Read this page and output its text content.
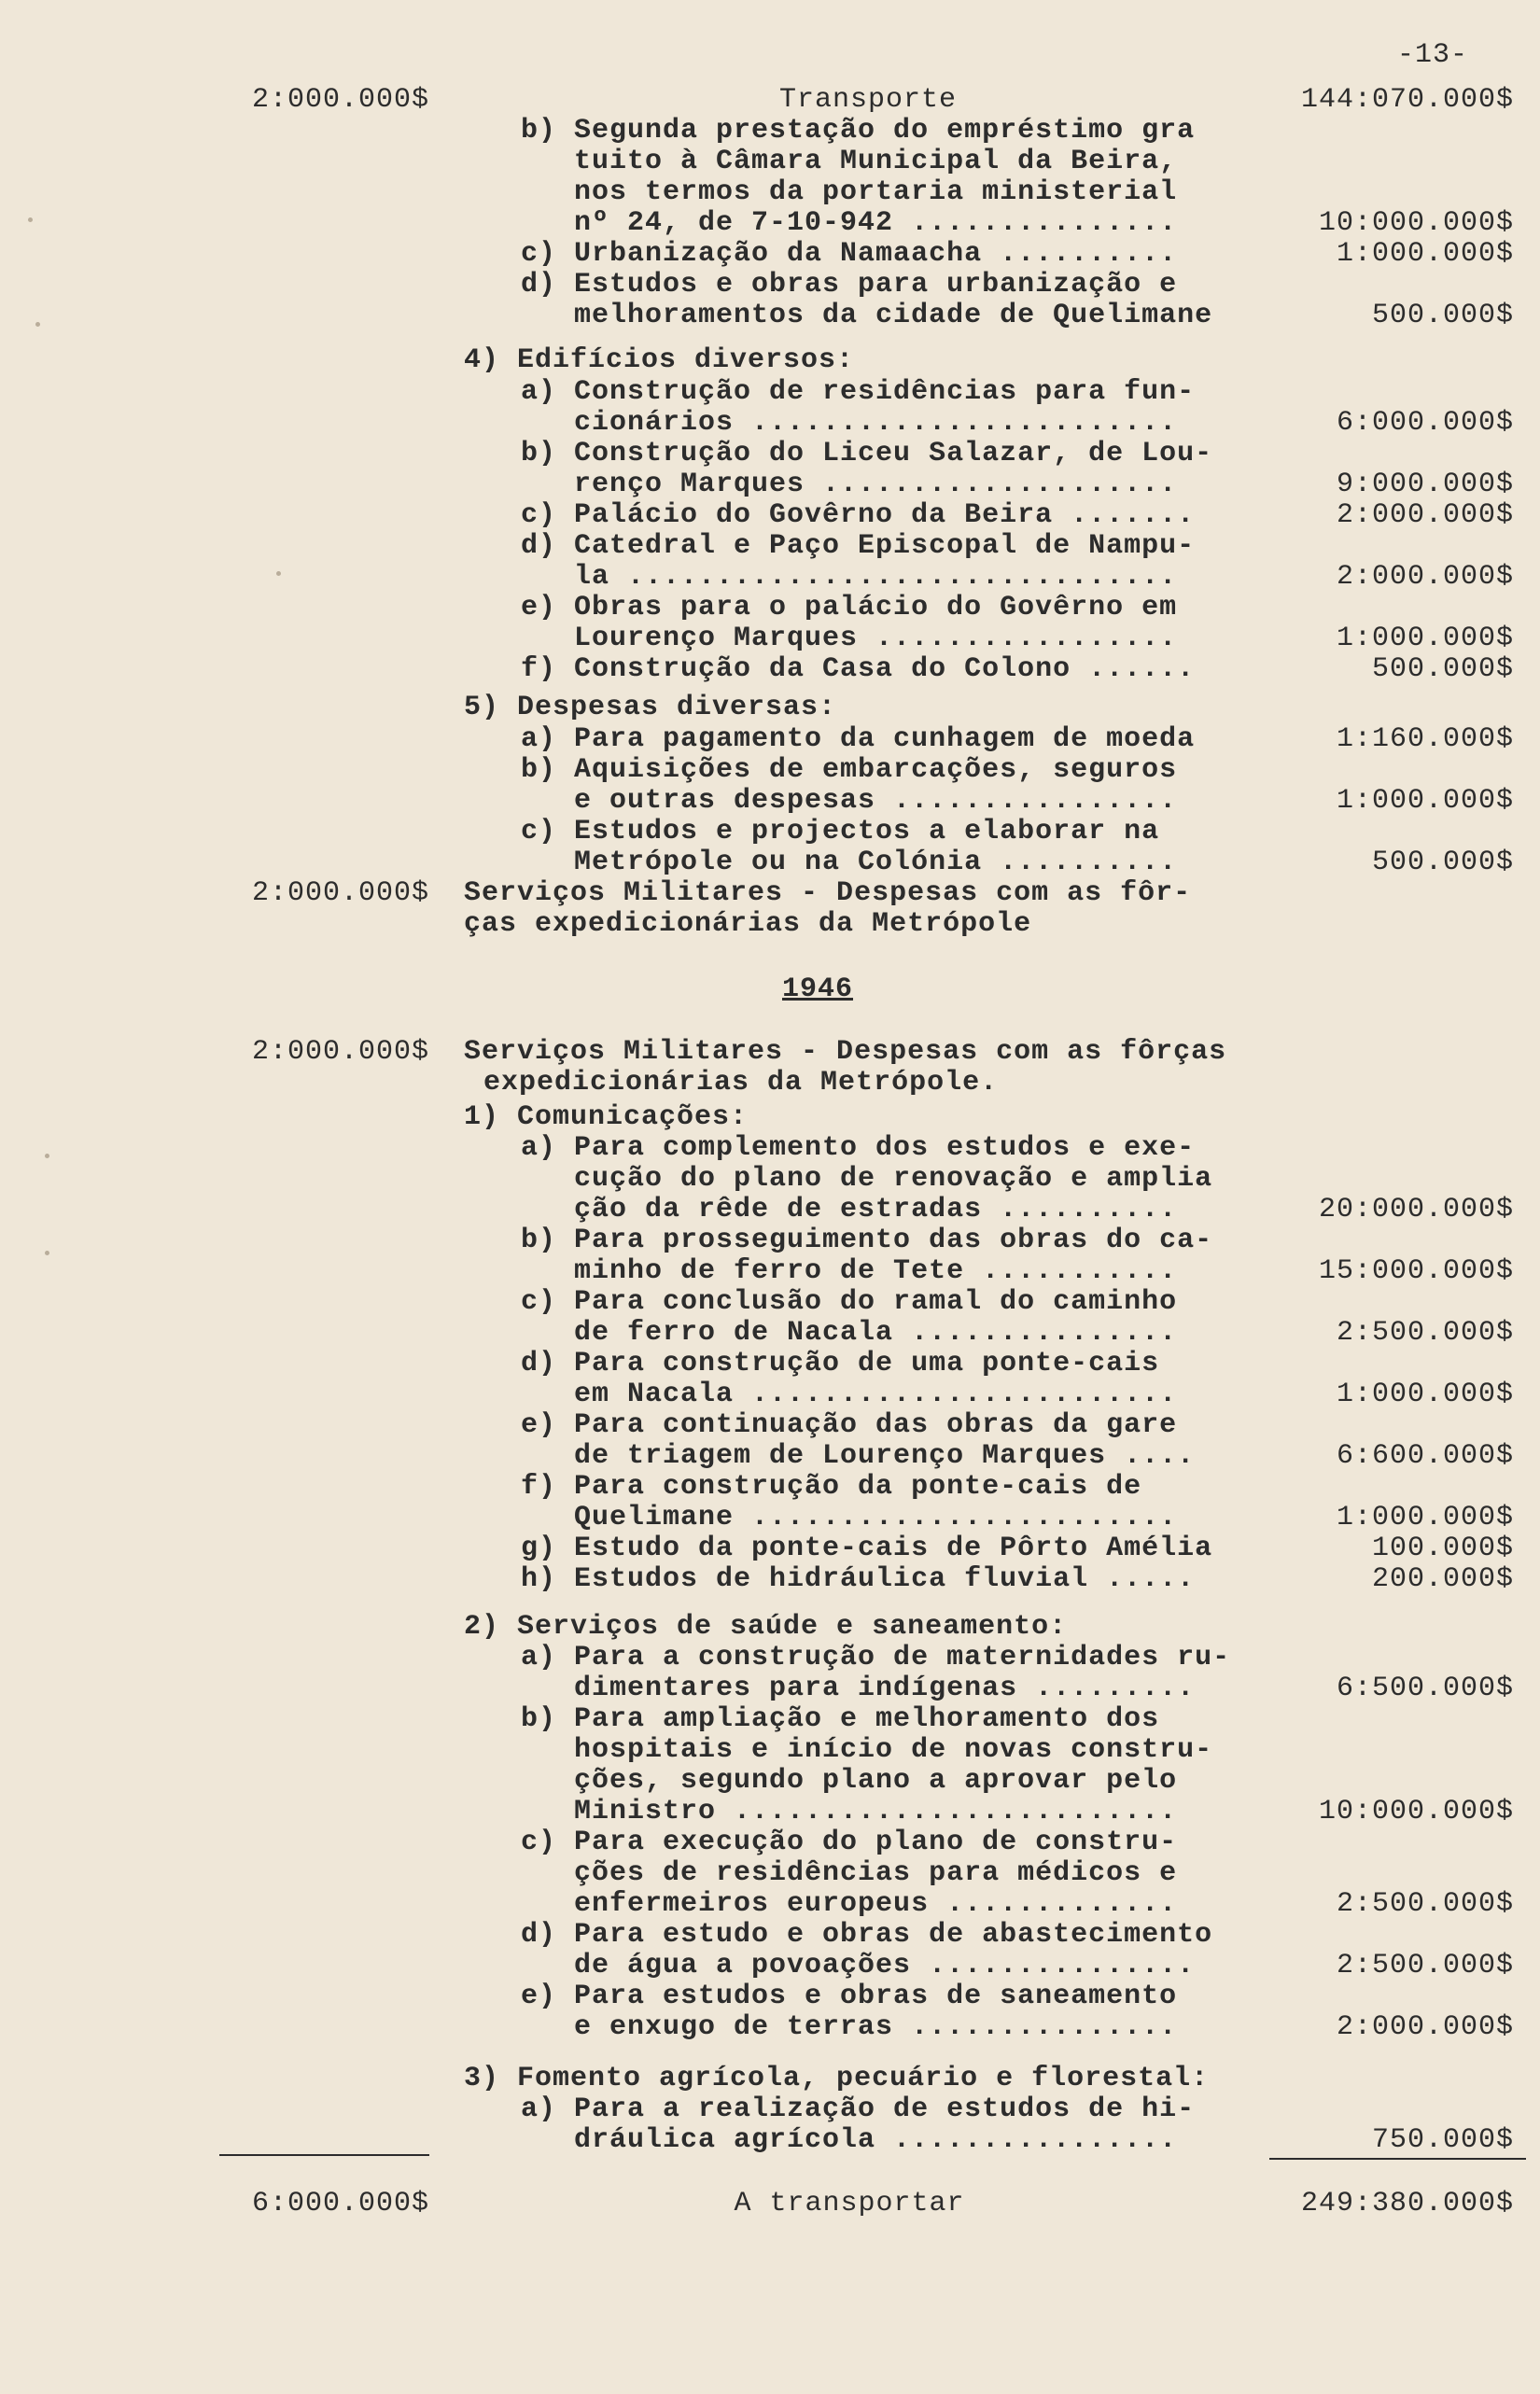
-13-
2:000.000$	Transporte	144:070.000$
b) Segunda prestação do empréstimo gra
tuito à Câmara Municipal da Beira,
nos termos da portaria ministerial
nº 24, de 7-10-942 ...............	10:000.000$
c) Urbanização da Namaacha ..........	1:000.000$
d) Estudos e obras para urbanização e
melhoramentos da cidade de Quelimane	500.000$
4) Edifícios diversos:
a) Construção de residências para fun-
cionários ........................	6:000.000$
b) Construção do Liceu Salazar, de Lou-
renço Marques ....................	9:000.000$
c) Palácio do Govêrno da Beira .......	2:000.000$
d) Catedral e Paço Episcopal de Nampu-
la ...............................	2:000.000$
e) Obras para o palácio do Govêrno em
Lourenço Marques .................	1:000.000$
f) Construção da Casa do Colono ......	500.000$
5) Despesas diversas:
a) Para pagamento da cunhagem de moeda	1:160.000$
b) Aquisições de embarcações, seguros
e outras despesas ................	1:000.000$
c) Estudos e projectos a elaborar na
Metrópole ou na Colónia ..........	500.000$
2:000.000$ Serviços Militares - Despesas com as fôr-
ças expedicionárias da Metrópole
1946
2:000.000$ Serviços Militares - Despesas com as fôrças
expedicionárias da Metrópole.
1) Comunicações:
a) Para complemento dos estudos e exe-
cução do plano de renovação e amplia
ção da rêde de estradas ..........	20:000.000$
b) Para prosseguimento das obras do ca-
minho de ferro de Tete ...........	15:000.000$
c) Para conclusão do ramal do caminho
de ferro de Nacala ...............	2:500.000$
d) Para construção de uma ponte-cais
em Nacala ........................	1:000.000$
e) Para continuação das obras da gare
de triagem de Lourenço Marques ....	6:600.000$
f) Para construção da ponte-cais de
Quelimane ........................	1:000.000$
g) Estudo da ponte-cais de Pôrto Amélia	100.000$
h) Estudos de hidráulica fluvial .....	200.000$
2) Serviços de saúde e saneamento:
a) Para a construção de maternidades ru-
dimentares para indígenas .........	6:500.000$
b) Para ampliação e melhoramento dos
hospitais e início de novas constru-
ções, segundo plano a aprovar pelo
Ministro .........................	10:000.000$
c) Para execução do plano de constru-
ções de residências para médicos e
enfermeiros europeus .............	2:500.000$
d) Para estudo e obras de abastecimento
de água a povoações ...............	2:500.000$
e) Para estudos e obras de saneamento
e enxugo de terras ...............	2:000.000$
3) Fomento agrícola, pecuário e florestal:
a) Para a realização de estudos de hi-
dráulica agrícola ................	750.000$
6:000.000$	A transportar	249:380.000$
